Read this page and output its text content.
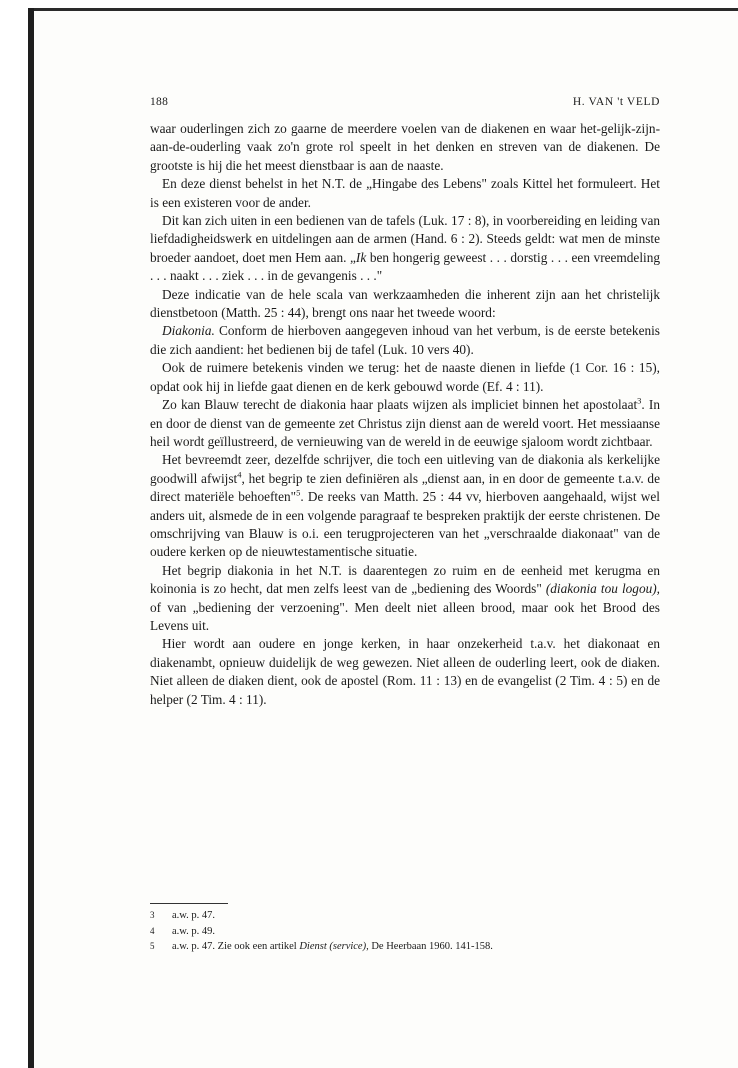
188	H. VAN 't VELD

waar ouderlingen zich zo gaarne de meerdere voelen van de diakenen en waar het-gelijk-zijn-aan-de-ouderling vaak zo'n grote rol speelt in het denken en streven van de diakenen. De grootste is hij die het meest dienstbaar is aan de naaste.

En deze dienst behelst in het N.T. de „Hingabe des Lebens" zoals Kittel het formuleert. Het is een existeren voor de ander.

Dit kan zich uiten in een bedienen van de tafels (Luk. 17 : 8), in voorbereiding en leiding van liefdadigheidswerk en uitdelingen aan de armen (Hand. 6 : 2). Steeds geldt: wat men de minste broeder aandoet, doet men Hem aan. „Ik ben hongerig geweest . . . dorstig . . . een vreemdeling . . . naakt . . . ziek . . . in de gevangenis . . ."

Deze indicatie van de hele scala van werkzaamheden die inherent zijn aan het christelijk dienstbetoon (Matth. 25 : 44), brengt ons naar het tweede woord:

Diakonia. Conform de hierboven aangegeven inhoud van het verbum, is de eerste betekenis die zich aandient: het bedienen bij de tafel (Luk. 10 vers 40).

Ook de ruimere betekenis vinden we terug: het de naaste dienen in liefde (1 Cor. 16 : 15), opdat ook hij in liefde gaat dienen en de kerk gebouwd worde (Ef. 4 : 11).

Zo kan Blauw terecht de diakonia haar plaats wijzen als impliciet binnen het apostolaat$^3$. In en door de dienst van de gemeente zet Christus zijn dienst aan de wereld voort. Het messiaanse heil wordt geïllustreerd, de vernieuwing van de wereld in de eeuwige sjaloom wordt zichtbaar.

Het bevreemdt zeer, dezelfde schrijver, die toch een uitleving van de diakonia als kerkelijke goodwill afwijst$^4$, het begrip te zien definiëren als „dienst aan, in en door de gemeente t.a.v. de direct materiële behoeften"$^5$. De reeks van Matth. 25 : 44 vv, hierboven aangehaald, wijst wel anders uit, alsmede de in een volgende paragraaf te bespreken praktijk der eerste christenen. De omschrijving van Blauw is o.i. een terugprojecteren van het „verschraalde diakonaat" van de oudere kerken op de nieuwtestamentische situatie.

Het begrip diakonia in het N.T. is daarentegen zo ruim en de eenheid met kerugma en koinonia is zo hecht, dat men zelfs leest van de „bediening des Woords" (diakonia tou logou), of van „bediening der verzoening". Men deelt niet alleen brood, maar ook het Brood des Levens uit.

Hier wordt aan oudere en jonge kerken, in haar onzekerheid t.a.v. het diakonaat en diakenambt, opnieuw duidelijk de weg gewezen. Niet alleen de ouderling leert, ook de diaken. Niet alleen de diaken dient, ook de apostel (Rom. 11 : 13) en de evangelist (2 Tim. 4 : 5) en de helper (2 Tim. 4 : 11).

3 a.w. p. 47.
4 a.w. p. 49.
5 a.w. p. 47. Zie ook een artikel Dienst (service), De Heerbaan 1960. 141-158.
